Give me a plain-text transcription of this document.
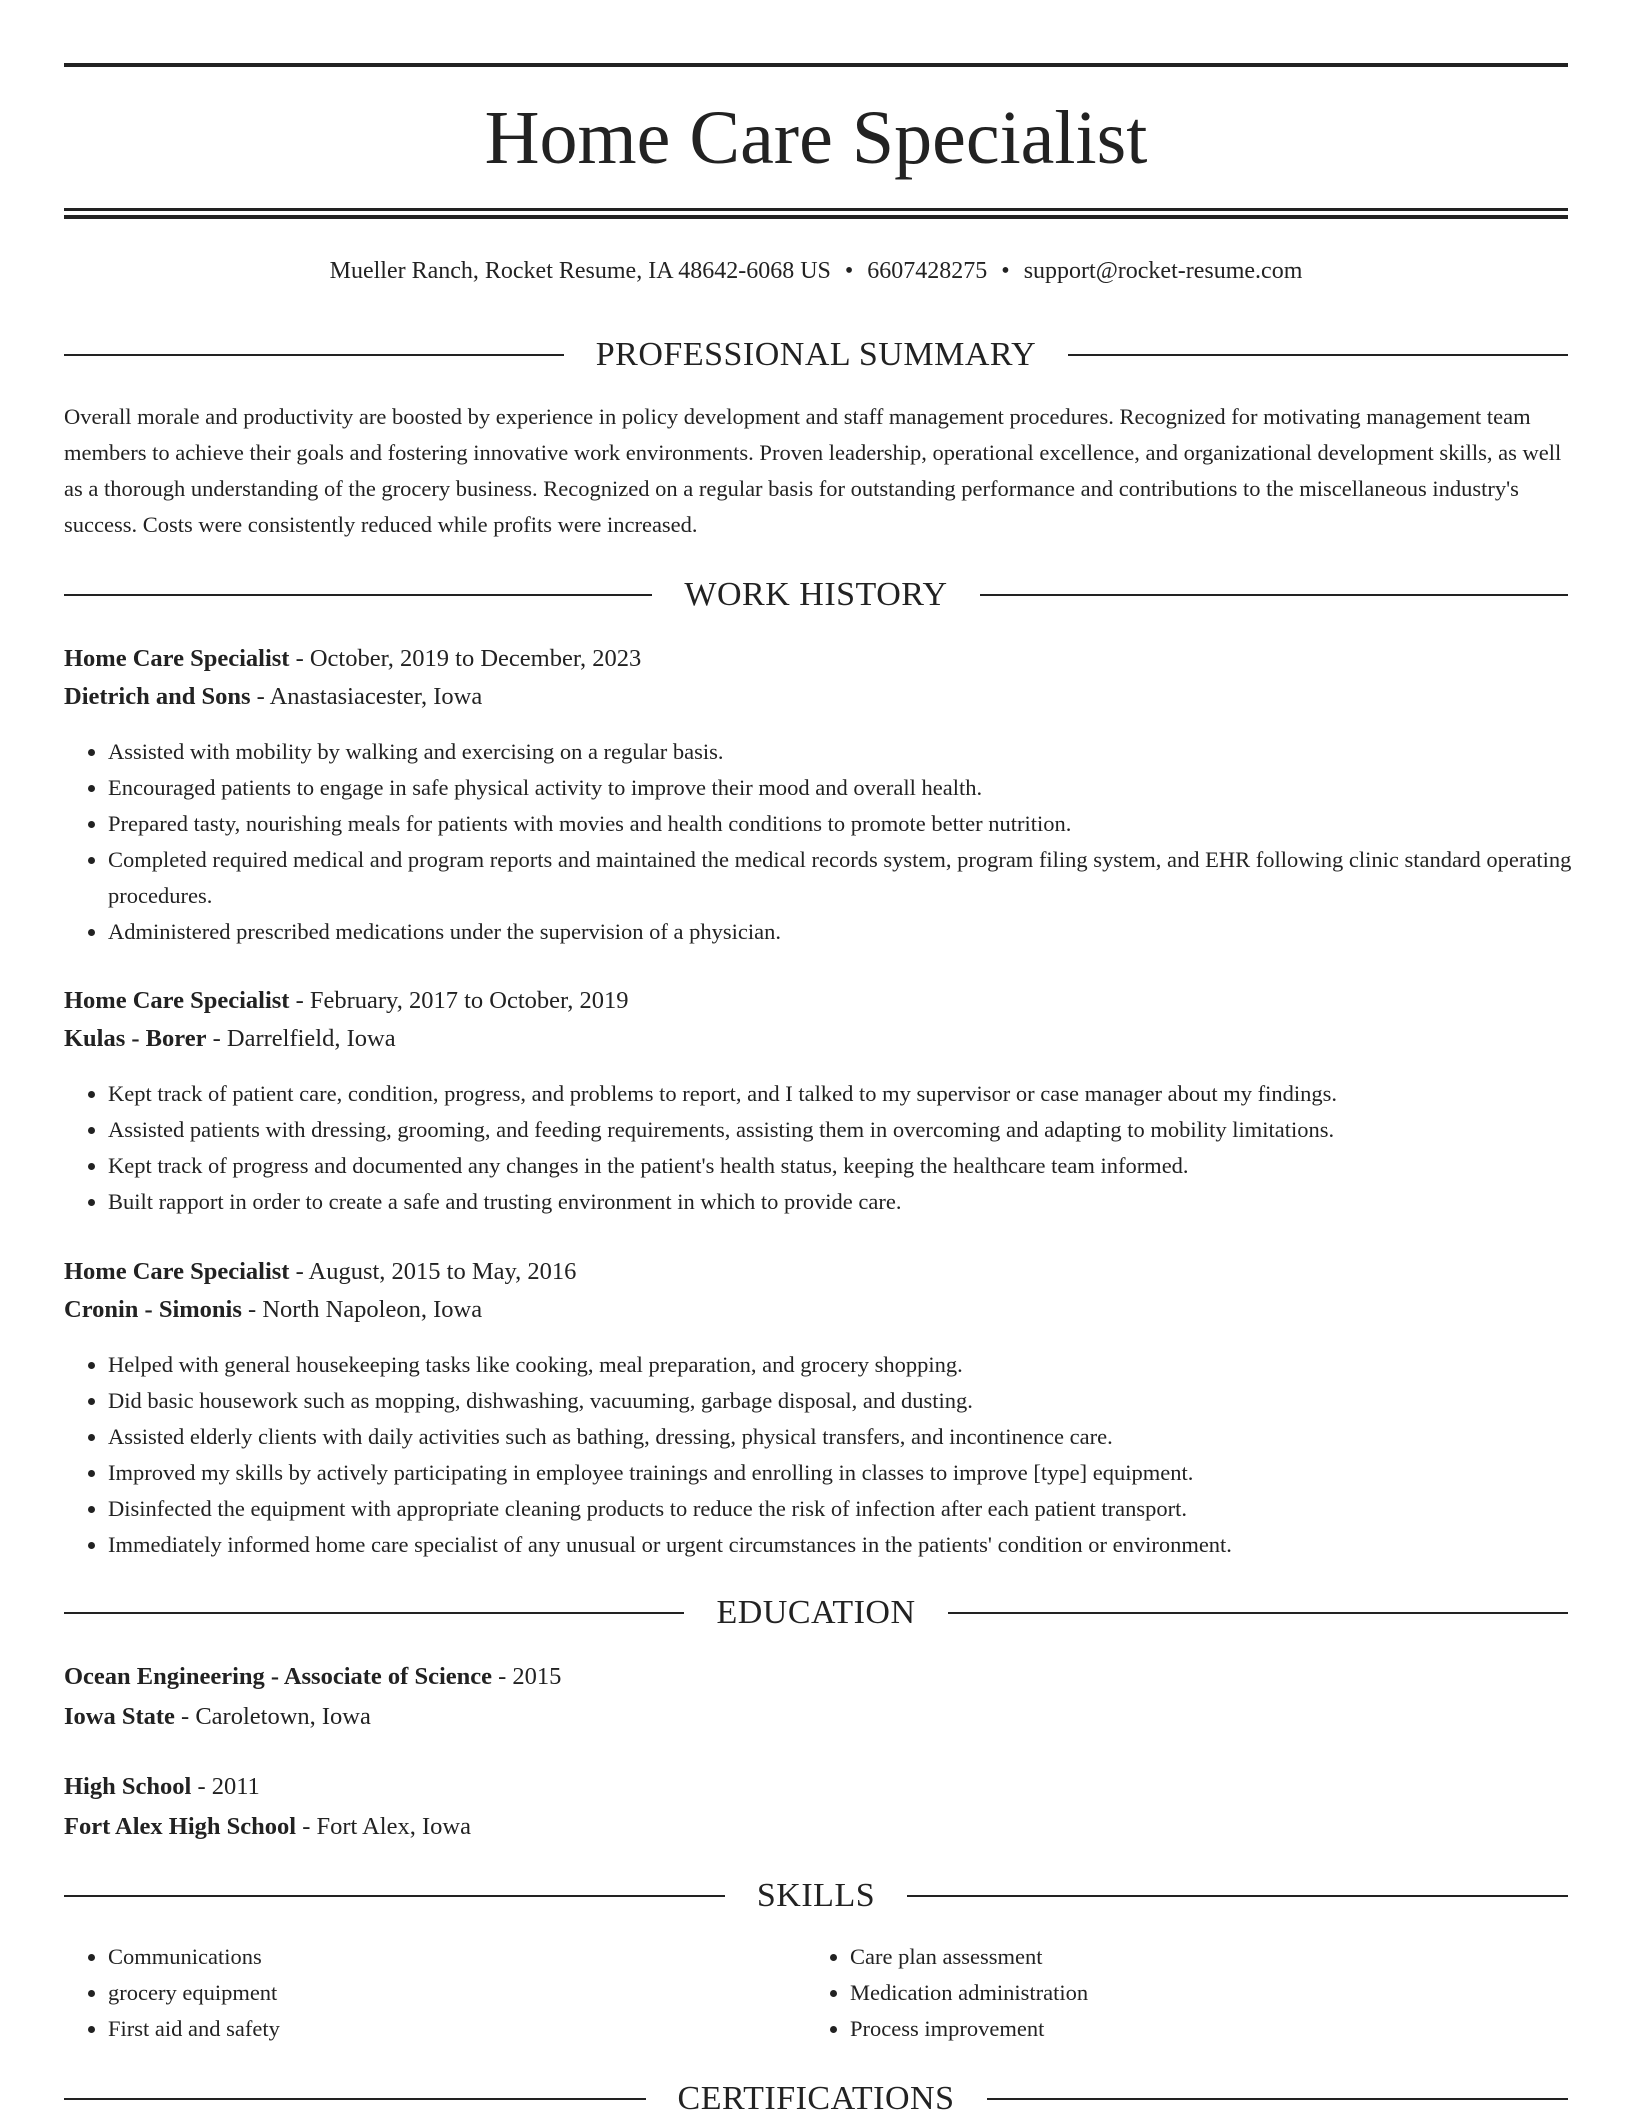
Home Care Specialist
Mueller Ranch, Rocket Resume, IA 48642-6068 US • 6607428275 • support@rocket-resume.com
PROFESSIONAL SUMMARY

Overall morale and productivity are boosted by experience in policy development and staff management procedures. Recognized for motivating management team members to achieve their goals and fostering innovative work environments. Proven leadership, operational excellence, and organizational development skills, as well as a thorough understanding of the grocery business. Recognized on a regular basis for outstanding performance and contributions to the miscellaneous industry's success. Costs were consistently reduced while profits were increased.

WORK HISTORY
Home Care Specialist - October, 2019 to December, 2023
Dietrich and Sons - Anastasiacester, Iowa
• Assisted with mobility by walking and exercising on a regular basis.
• Encouraged patients to engage in safe physical activity to improve their mood and overall health.
• Prepared tasty, nourishing meals for patients with movies and health conditions to promote better nutrition.
• Completed required medical and program reports and maintained the medical records system, program filing system, and EHR following clinic standard operating procedures.
• Administered prescribed medications under the supervision of a physician.
Home Care Specialist - February, 2017 to October, 2019
Kulas - Borer - Darrelfield, Iowa
• Kept track of patient care, condition, progress, and problems to report, and I talked to my supervisor or case manager about my findings.
• Assisted patients with dressing, grooming, and feeding requirements, assisting them in overcoming and adapting to mobility limitations.
• Kept track of progress and documented any changes in the patient's health status, keeping the healthcare team informed.
• Built rapport in order to create a safe and trusting environment in which to provide care.
Home Care Specialist - August, 2015 to May, 2016
Cronin - Simonis - North Napoleon, Iowa
• Helped with general housekeeping tasks like cooking, meal preparation, and grocery shopping.
• Did basic housework such as mopping, dishwashing, vacuuming, garbage disposal, and dusting.
• Assisted elderly clients with daily activities such as bathing, dressing, physical transfers, and incontinence care.
• Improved my skills by actively participating in employee trainings and enrolling in classes to improve [type] equipment.
• Disinfected the equipment with appropriate cleaning products to reduce the risk of infection after each patient transport.
• Immediately informed home care specialist of any unusual or urgent circumstances in the patients' condition or environment.
EDUCATION
Ocean Engineering - Associate of Science - 2015
Iowa State - Caroletown, Iowa
High School - 2011
Fort Alex High School - Fort Alex, Iowa
SKILLS
• Communications
• grocery equipment
• First aid and safety
• Care plan assessment
• Medication administration
• Process improvement
CERTIFICATIONS
